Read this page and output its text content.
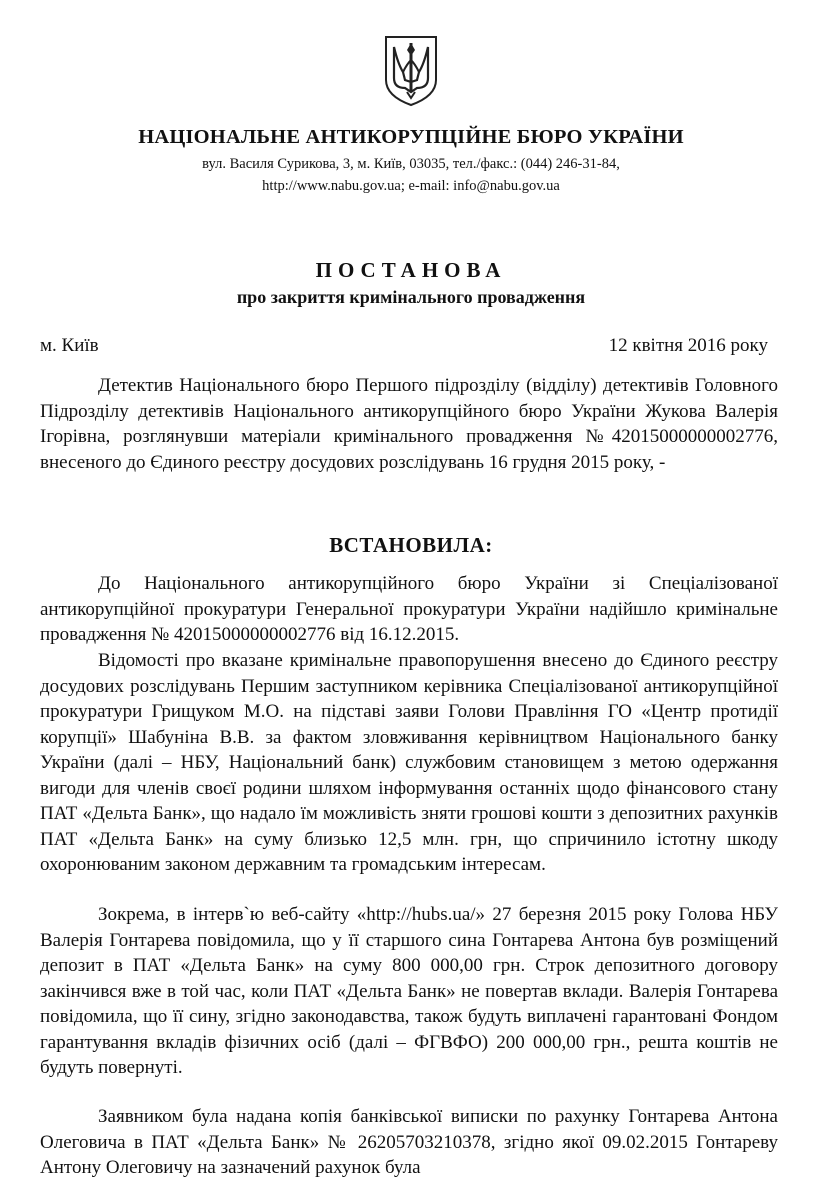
НАЦІОНАЛЬНЕ АНТИКОРУПЦІЙНЕ БЮРО УКРАЇНИ
вул. Василя Сурикова, 3, м. Київ, 03035, тел./факс.: (044) 246-31-84,
http://www.nabu.gov.ua; e-mail: info@nabu.gov.ua
ПОСТАНОВА
про закриття кримінального провадження
м. Київ	12 квітня 2016 року

Детектив Національного бюро Першого підрозділу (відділу) детективів Головного Підрозділу детективів Національного антикорупційного бюро України Жукова Валерія Ігорівна, розглянувши матеріали кримінального провадження №42015000000002776, внесеного до Єдиного реєстру досудових розслідувань 16 грудня 2015 року, -

ВСТАНОВИЛА:

До Національного антикорупційного бюро України зі Спеціалізованої антикорупційної прокуратури Генеральної прокуратури України надійшло кримінальне провадження № 42015000000002776 від 16.12.2015.

Відомості про вказане кримінальне правопорушення внесено до Єдиного реєстру досудових розслідувань Першим заступником керівника Спеціалізованої антикорупційної прокуратури Грищуком М.О. на підставі заяви Голови Правління ГО «Центр протидії корупції» Шабуніна В.В. за фактом зловживання керівництвом Національного банку України (далі – НБУ, Національний банк) службовим становищем з метою одержання вигоди для членів своєї родини шляхом інформування останніх щодо фінансового стану ПАТ «Дельта Банк», що надало їм можливість зняти грошові кошти з депозитних рахунків ПАТ «Дельта Банк» на суму близько 12,5 млн. грн, що спричинило істотну шкоду охоронюваним законом державним та громадським інтересам.

Зокрема, в інтерв`ю веб-сайту «http://hubs.ua/» 27 березня 2015 року Голова НБУ Валерія Гонтарева повідомила, що у її старшого сина Гонтарева Антона був розміщений депозит в ПАТ «Дельта Банк» на суму 800 000,00 грн. Строк депозитного договору закінчився вже в той час, коли ПАТ «Дельта Банк» не повертав вклади. Валерія Гонтарева повідомила, що її сину, згідно законодавства, також будуть виплачені гарантовані Фондом гарантування вкладів фізичних осіб (далі – ФГВФО) 200 000,00 грн., решта коштів не будуть повернуті.

Заявником була надана копія банківської виписки по рахунку Гонтарева Антона Олеговича в ПАТ «Дельта Банк» № 26205703210378, згідно якої 09.02.2015 Гонтареву Антону Олеговичу на зазначений рахунок була
